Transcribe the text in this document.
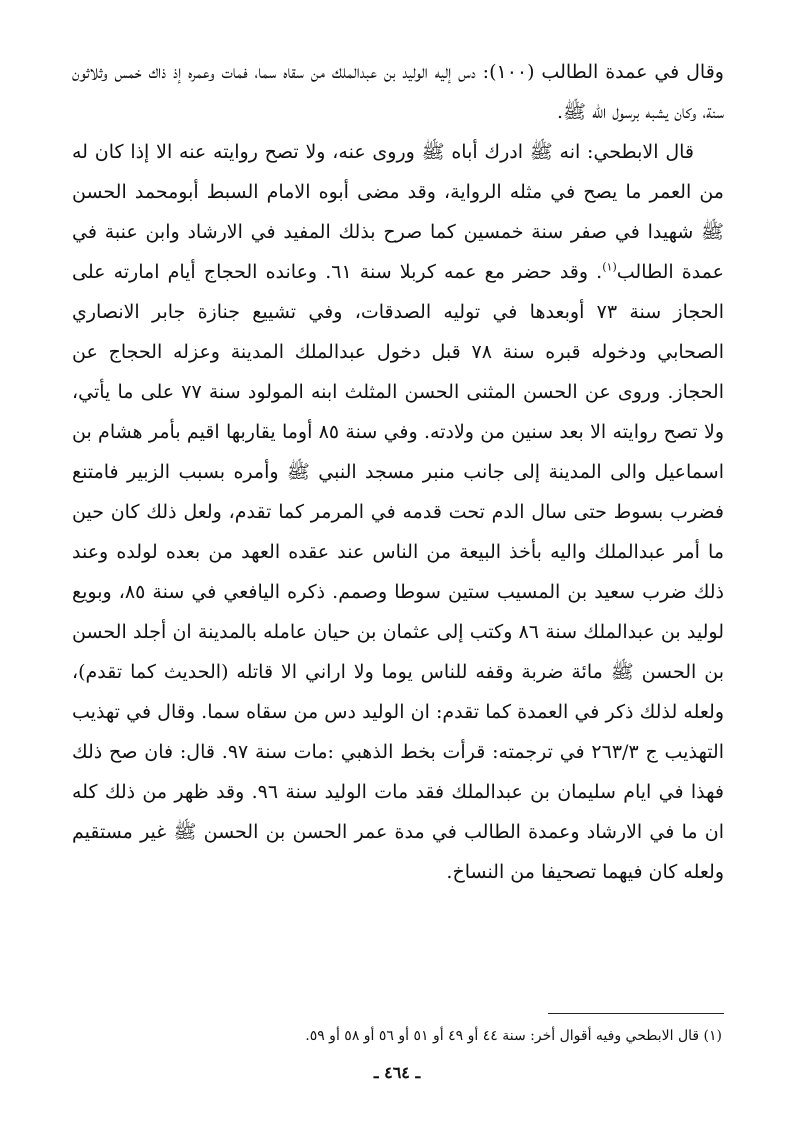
وقال في عمدة الطالب (١٠٠): دس إليه الوليد بن عبدالملك من سقاه سما، فمات وعمره إذ ذاك خمس وثلاثون سنة، وكان يشبه برسول الله ﷺ.

قال الابطحي: انه ﷺ ادرك أباه ﷺ وروى عنه، ولا تصح روايته عنه الا إذا كان له من العمر ما يصح في مثله الرواية، وقد مضى أبوه الامام السبط أبومحمد الحسن ﷺ شهيدا في صفر سنة خمسين كما صرح بذلك المفيد في الارشاد وابن عنبة في عمدة الطالب$^{(١)}$. وقد حضر مع عمه كربلا سنة ٦١. وعانده الحجاج أيام امارته على الحجاز سنة ٧٣ أوبعدها في توليه الصدقات، وفي تشييع جنازة جابر الانصاري الصحابي ودخوله قبره سنة ٧٨ قبل دخول عبدالملك المدينة وعزله الحجاج عن الحجاز. وروى عن الحسن المثنى الحسن المثلث ابنه المولود سنة ٧٧ على ما يأتي، ولا تصح روايته الا بعد سنين من ولادته. وفي سنة ٨٥ أوما يقاربها اقيم بأمر هشام بن اسماعيل والى المدينة إلى جانب منبر مسجد النبي ﷺ وأمره بسبب الزبير فامتنع فضرب بسوط حتى سال الدم تحت قدمه في المرمر كما تقدم، ولعل ذلك كان حين ما أمر عبدالملك واليه بأخذ البيعة من الناس عند عقده العهد من بعده لولده وعند ذلك ضرب سعيد بن المسيب ستين سوطا وصمم. ذكره اليافعي في سنة ٨٥، وبويع لوليد بن عبدالملك سنة ٨٦ وكتب إلى عثمان بن حيان عامله بالمدينة ان أجلد الحسن بن الحسن ﷺ مائة ضربة وقفه للناس يوما ولا اراني الا قاتله (الحديث كما تقدم)، ولعله لذلك ذكر في العمدة كما تقدم: ان الوليد دس من سقاه سما. وقال في تهذيب التهذيب ج ٢٦٣/٣ في ترجمته: قرأت بخط الذهبي :مات سنة ٩٧. قال: فان صح ذلك فهذا في ايام سليمان بن عبدالملك فقد مات الوليد سنة ٩٦. وقد ظهر من ذلك كله ان ما في الارشاد وعمدة الطالب في مدة عمر الحسن بن الحسن ﷺ غير مستقيم ولعله كان فيهما تصحيفا من النساخ.

(١) قال الابطحي وفيه أقوال أخر: سنة ٤٤ أو ٤٩ أو ٥١ أو ٥٦ أو ٥٨ أو ٥٩.
ـ ٤٦٤ ـ
